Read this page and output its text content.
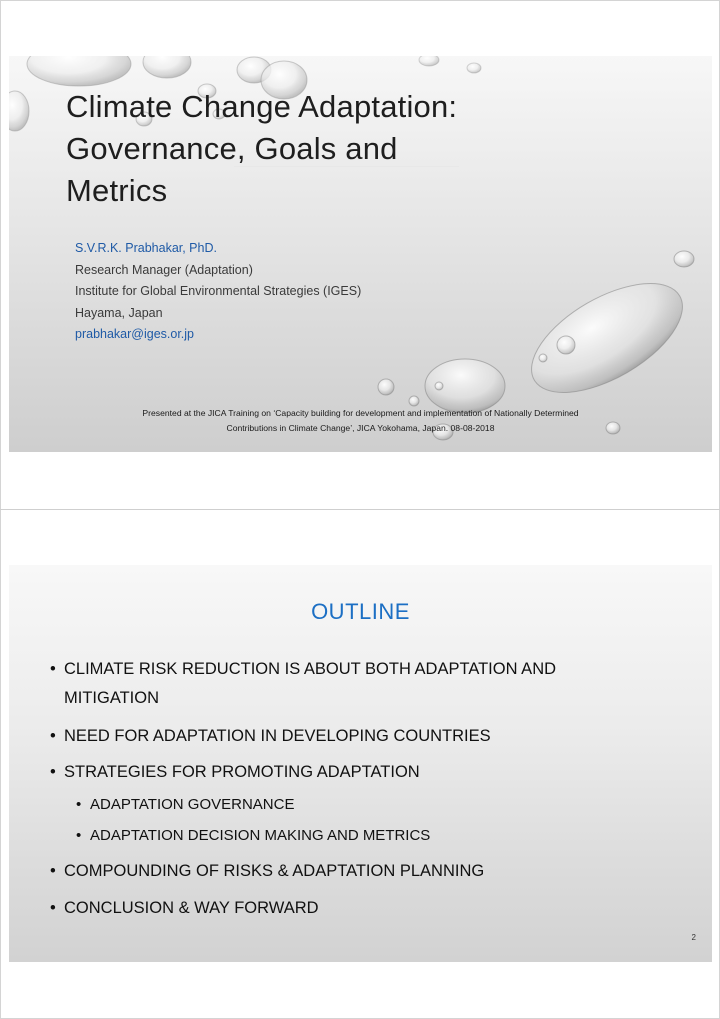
Climate Change Adaptation:
Governance, Goals and
Metrics
S.V.R.K. Prabhakar, PhD.
Research Manager (Adaptation)
Institute for Global Environmental Strategies (IGES)
Hayama, Japan
prabhakar@iges.or.jp
Presented at the JICA Training on ‘Capacity building for development and implementation of Nationally Determined
Contributions in Climate Change’, JICA Yokohama, Japan. 08-08-2018
OUTLINE
• CLIMATE RISK REDUCTION IS ABOUT BOTH ADAPTATION AND
MITIGATION
• NEED FOR ADAPTATION IN DEVELOPING COUNTRIES
• STRATEGIES FOR PROMOTING ADAPTATION
• ADAPTATION GOVERNANCE
• ADAPTATION DECISION MAKING AND METRICS
• COMPOUNDING OF RISKS & ADAPTATION PLANNING
• CONCLUSION & WAY FORWARD
2
